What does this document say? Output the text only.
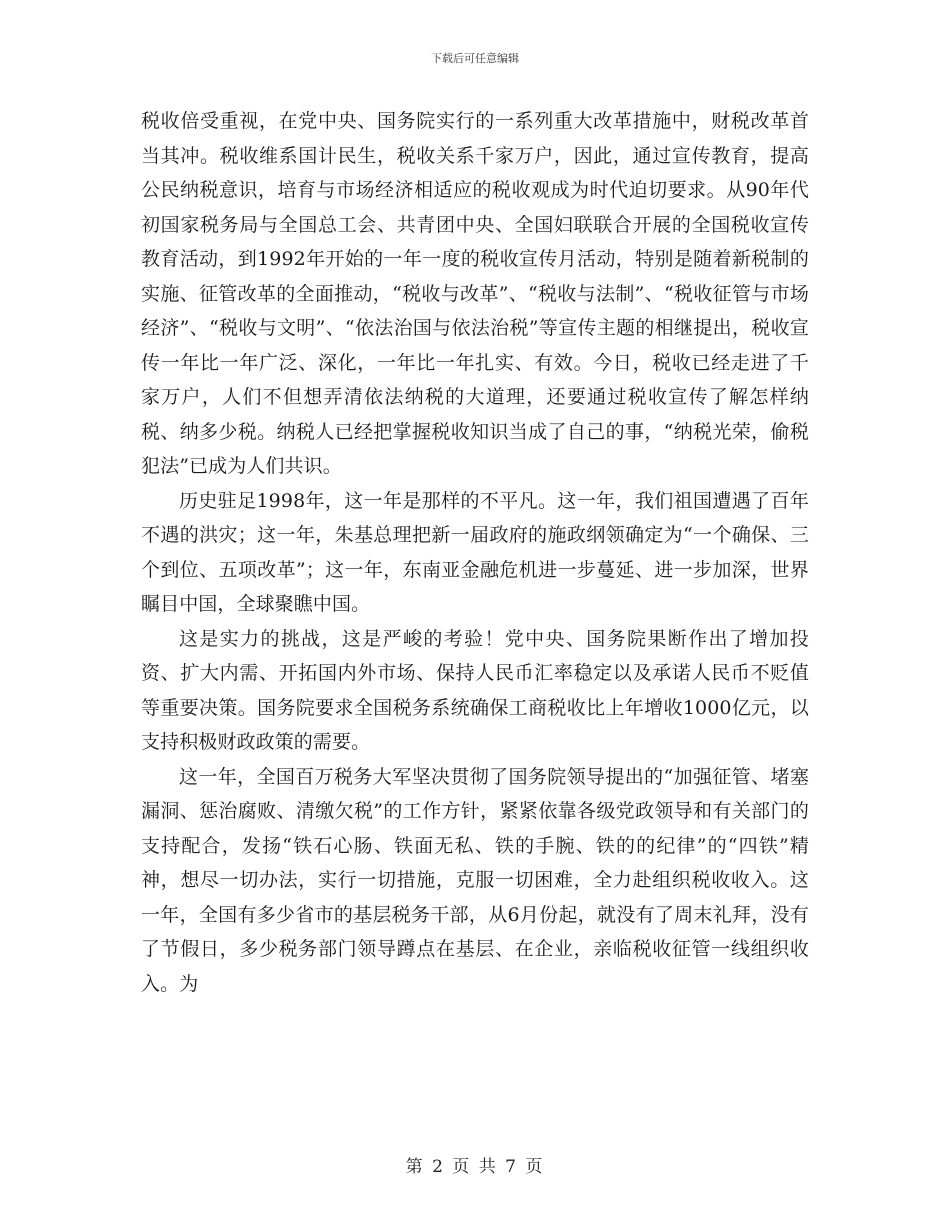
下载后可任意编辑

税收倍受重视，在党中央、国务院实行的一系列重大改革措施中，财税改革首当其冲。税收维系国计民生，税收关系千家万户，因此，通过宣传教育，提高公民纳税意识，培育与市场经济相适应的税收观成为时代迫切要求。从90年代初国家税务局与全国总工会、共青团中央、全国妇联联合开展的全国税收宣传教育活动，到1992年开始的一年一度的税收宣传月活动，特别是随着新税制的实施、征管改革的全面推动，“税收与改革”、“税收与法制”、“税收征管与市场经济”、“税收与文明”、“依法治国与依法治税”等宣传主题的相继提出，税收宣传一年比一年广泛、深化，一年比一年扎实、有效。今日，税收已经走进了千家万户，人们不但想弄清依法纳税的大道理，还要通过税收宣传了解怎样纳税、纳多少税。纳税人已经把掌握税收知识当成了自己的事，“纳税光荣，偷税犯法”已成为人们共识。

历史驻足1998年，这一年是那样的不平凡。这一年，我们祖国遭遇了百年不遇的洪灾；这一年，朱基总理把新一届政府的施政纲领确定为“一个确保、三个到位、五项改革”；这一年，东南亚金融危机进一步蔓延、进一步加深，世界瞩目中国，全球聚瞧中国。

这是实力的挑战，这是严峻的考验！党中央、国务院果断作出了增加投资、扩大内需、开拓国内外市场、保持人民币汇率稳定以及承诺人民币不贬值等重要决策。国务院要求全国税务系统确保工商税收比上年增收1000亿元，以支持积极财政政策的需要。

这一年，全国百万税务大军坚决贯彻了国务院领导提出的“加强征管、堵塞漏洞、惩治腐败、清缴欠税”的工作方针，紧紧依靠各级党政领导和有关部门的支持配合，发扬“铁石心肠、铁面无私、铁的手腕、铁的的纪律”的“四铁”精神，想尽一切办法，实行一切措施，克服一切困难，全力赴组织税收收入。这一年，全国有多少省市的基层税务干部，从6月份起，就没有了周末礼拜，没有了节假日，多少税务部门领导蹲点在基层、在企业，亲临税收征管一线组织收入。为

第 2 页 共 7 页
